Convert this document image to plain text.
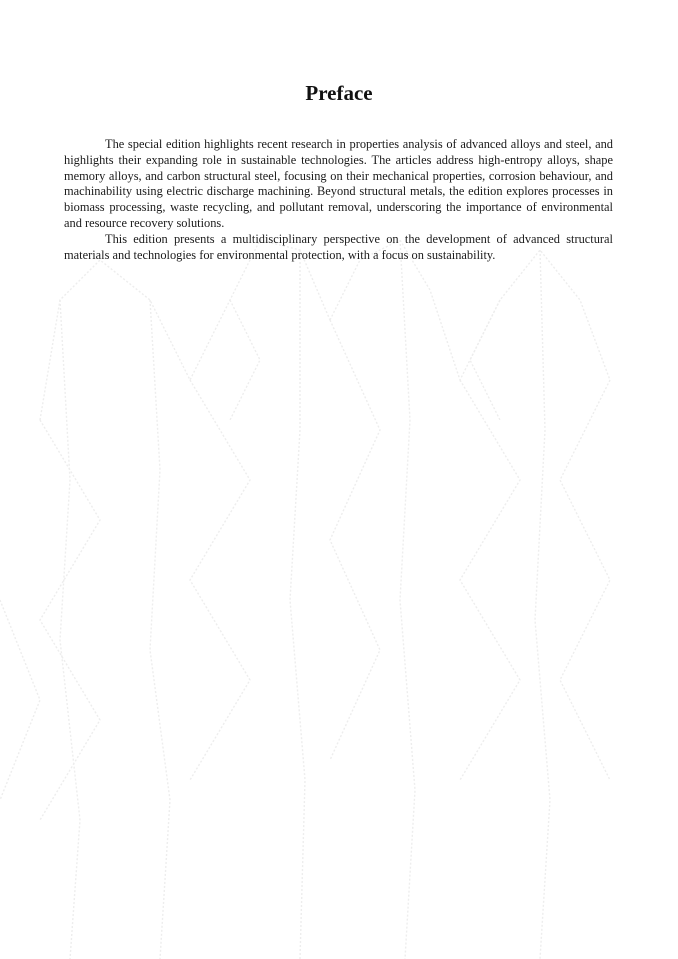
Preface

The special edition highlights recent research in properties analysis of advanced alloys and steel, and highlights their expanding role in sustainable technologies. The articles address high-entropy alloys, shape memory alloys, and carbon structural steel, focusing on their mechanical properties, corrosion behaviour, and machinability using electric discharge machining. Beyond structural metals, the edition explores processes in biomass processing, waste recycling, and pollutant removal, underscoring the importance of environmental and resource recovery solutions.

This edition presents a multidisciplinary perspective on the development of advanced structural materials and technologies for environmental protection, with a focus on sustainability.
